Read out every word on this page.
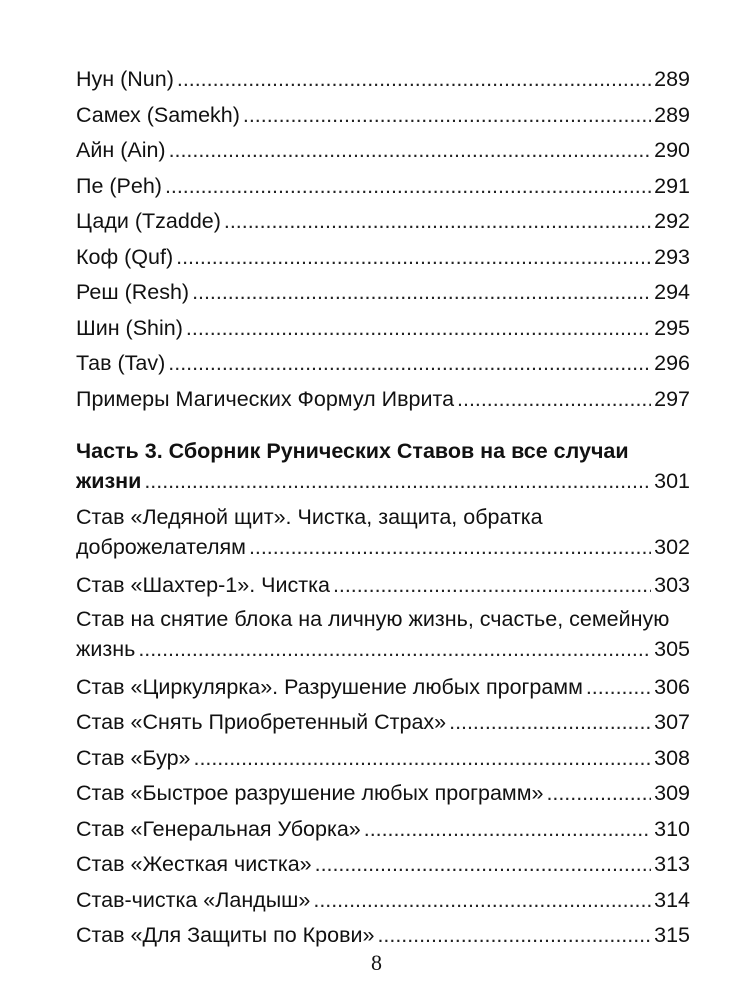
Нун (Nun) . . .	289
Самех (Samekh) . . .	289
Айн (Ain) . . .	290
Пе (Peh) . . .	291
Цади (Tzadde) . . .	292
Коф (Quf) . . .	293
Реш (Resh) . . .	294
Шин (Shin) . . .	295
Тав (Tav) . . .	296
Примеры Магических Формул Иврита . . .	297
Часть 3. Сборник Рунических Ставов на все случаи
жизни . . .	301
Став «Ледяной щит». Чистка, защита, обратка
доброжелателям . . .	302
Став «Шахтер-1». Чистка . . .	303
Став на снятие блока на личную жизнь, счастье, семейную
жизнь . . .	305
Став «Циркулярка». Разрушение любых программ . . .	306
Став «Снять Приобретенный Страх» . . .	307
Став «Бур» . . .	308
Став «Быстрое разрушение любых программ» . . .	309
Став «Генеральная Уборка» . . .	310
Став «Жесткая чистка» . . .	313
Став-чистка «Ландыш» . . .	314
Став «Для Защиты по Крови» . . .	315
8
